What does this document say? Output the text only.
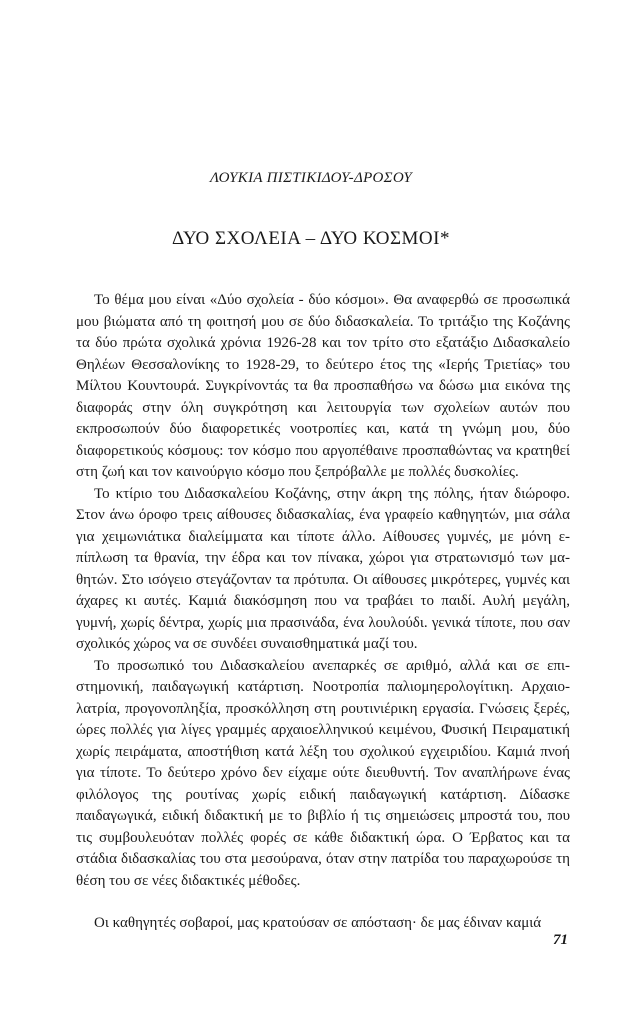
ΛΟΥΚΙΑ ΠΙΣΤΙΚΙΔΟΥ-ΔΡΟΣΟΥ
ΔΥΟ ΣΧΟΛΕΙΑ – ΔΥΟ ΚΟΣΜΟΙ*

Το θέμα μου είναι «Δύο σχολεία - δύο κόσμοι». Θα αναφερθώ σε προσωπικά μου βιώματα από τη φοιτησή μου σε δύο διδασκαλεία. Το τριτάξιο της Κοζάνης τα δύο πρώτα σχολικά χρόνια 1926-28 και τον τρίτο στο εξατάξιο Διδασκαλείο Θηλέων Θεσσαλονίκης το 1928-29, το δεύτερο έτος της «Ιερής Τριετίας» του Μίλτου Κουντουρά. Συγκρίνοντάς τα θα προσπαθήσω να δώσω μια εικόνα της διαφοράς στην όλη συγκρότηση και λειτουργία των σχολείων αυτών που εκπροσωπούν δύο διαφορετικές νοοτροπίες και, κατά τη γνώμη μου, δύο διαφορετικούς κόσμους: τον κόσμο που αργοπέθαινε προσπαθώντας να κρατηθεί στη ζωή και τον καινούργιο κόσμο που ξεπρόβαλλε με πολλές δυσκολίες.

Το κτίριο του Διδασκαλείου Κοζάνης, στην άκρη της πόλης, ήταν διώροφο. Στον άνω όροφο τρεις αίθουσες διδασκαλίας, ένα γραφείο καθηγητών, μια σάλα για χειμωνιάτικα διαλείμματα και τίποτε άλλο. Αίθουσες γυμνές, με μόνη επίπλωση τα θρανία, την έδρα και τον πίνακα, χώροι για στρατωνισμό των μαθητών. Στο ισόγειο στεγάζονταν τα πρότυπα. Οι αίθουσες μικρότερες, γυμνές και άχαρες κι αυτές. Καμιά διακόσμηση που να τραβάει το παιδί. Αυλή μεγάλη, γυμνή, χωρίς δέντρα, χωρίς μια πρασινάδα, ένα λουλούδι. γενικά τίποτε, που σαν σχολικός χώρος να σε συνδέει συναισθηματικά μαζί του.

Το προσωπικό του Διδασκαλείου ανεπαρκές σε αριθμό, αλλά και σε επιστημονική, παιδαγωγική κατάρτιση. Νοοτροπία παλιομηερολογίτικη. Αρχαιολατρία, προγονοπληξία, προσκόλληση στη ρουτινιέρικη εργασία. Γνώσεις ξερές, ώρες πολλές για λίγες γραμμές αρχαιοελληνικού κειμένου, Φυσική Πειραματική χωρίς πειράματα, αποστήθιση κατά λέξη του σχολικού εγχειριδίου. Καμιά πνοή για τίποτε. Το δεύτερο χρόνο δεν είχαμε ούτε διευθυντή. Τον αναπλήρωνε ένας φιλόλογος της ρουτίνας χωρίς ειδική παιδαγωγική κατάρτιση. Δίδασκε παιδαγωγικά, ειδική διδακτική με το βιβλίο ή τις σημειώσεις μπροστά του, που τις συμβουλευόταν πολλές φορές σε κάθε διδακτική ώρα. Ο Έρβατος και τα στάδια διδασκαλίας του στα μεσούρανα, όταν στην πατρίδα του παραχωρούσε τη θέση του σε νέες διδακτικές μέθοδες.

Οι καθηγητές σοβαροί, μας κρατούσαν σε απόσταση· δε μας έδιναν καμιά

71
